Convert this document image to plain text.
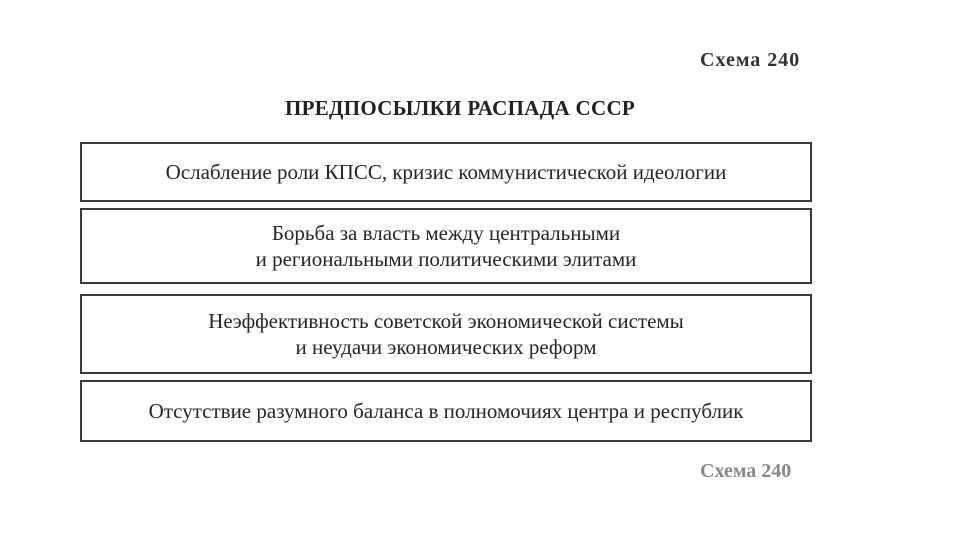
Схема 240
ПРЕДПОСЫЛКИ РАСПАДА СССР
Ослабление роли КПСС, кризис коммунистической идеологии
Борьба за власть между центральными
и региональными политическими элитами
Неэффективность советской экономической системы
и неудачи экономических реформ
Отсутствие разумного баланса в полномочиях центра и республик
Схема 240
